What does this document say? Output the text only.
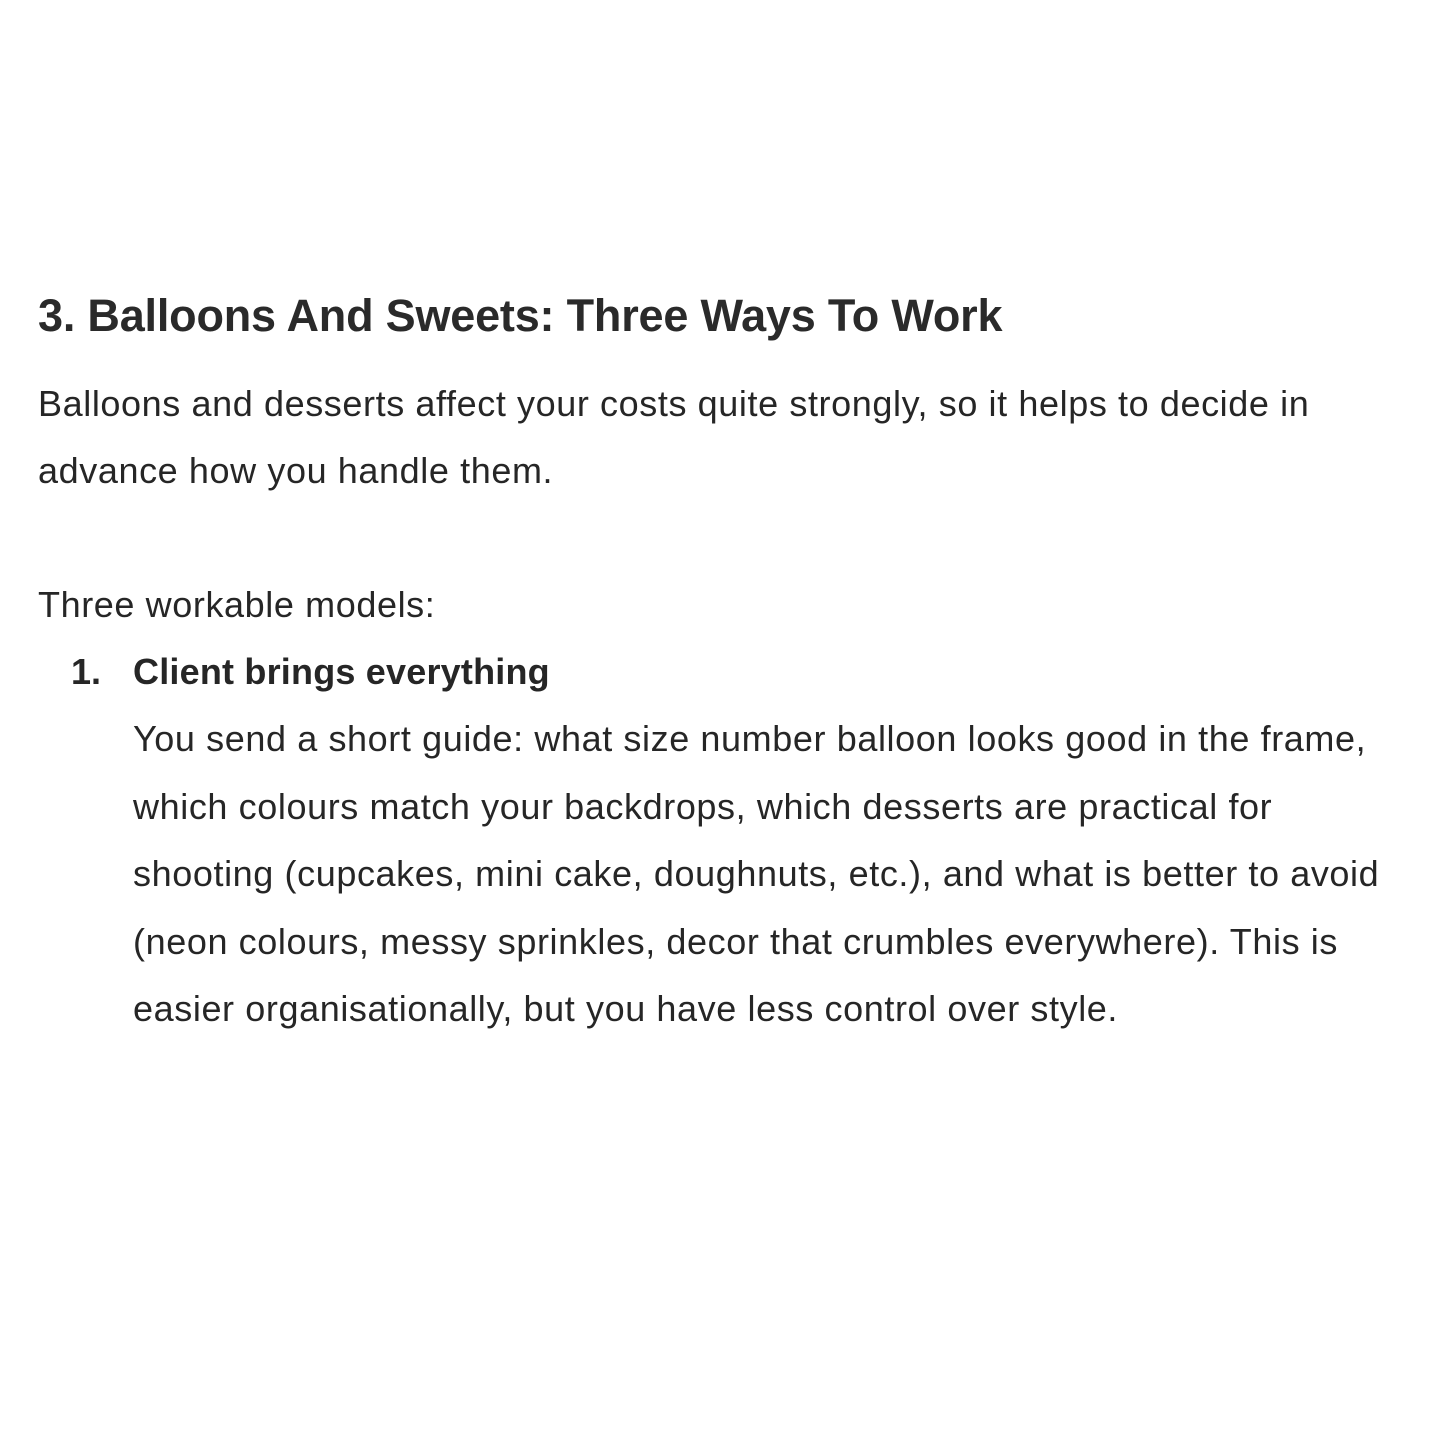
3. Balloons And Sweets: Three Ways To Work

Balloons and desserts affect your costs quite strongly, so it helps to decide in advance how you handle them.

Three workable models:

1. Client brings everything
You send a short guide: what size number balloon looks good in the frame, which colours match your backdrops, which desserts are practical for shooting (cupcakes, mini cake, doughnuts, etc.), and what is better to avoid (neon colours, messy sprinkles, decor that crumbles everywhere). This is easier organisationally, but you have less control over style.
